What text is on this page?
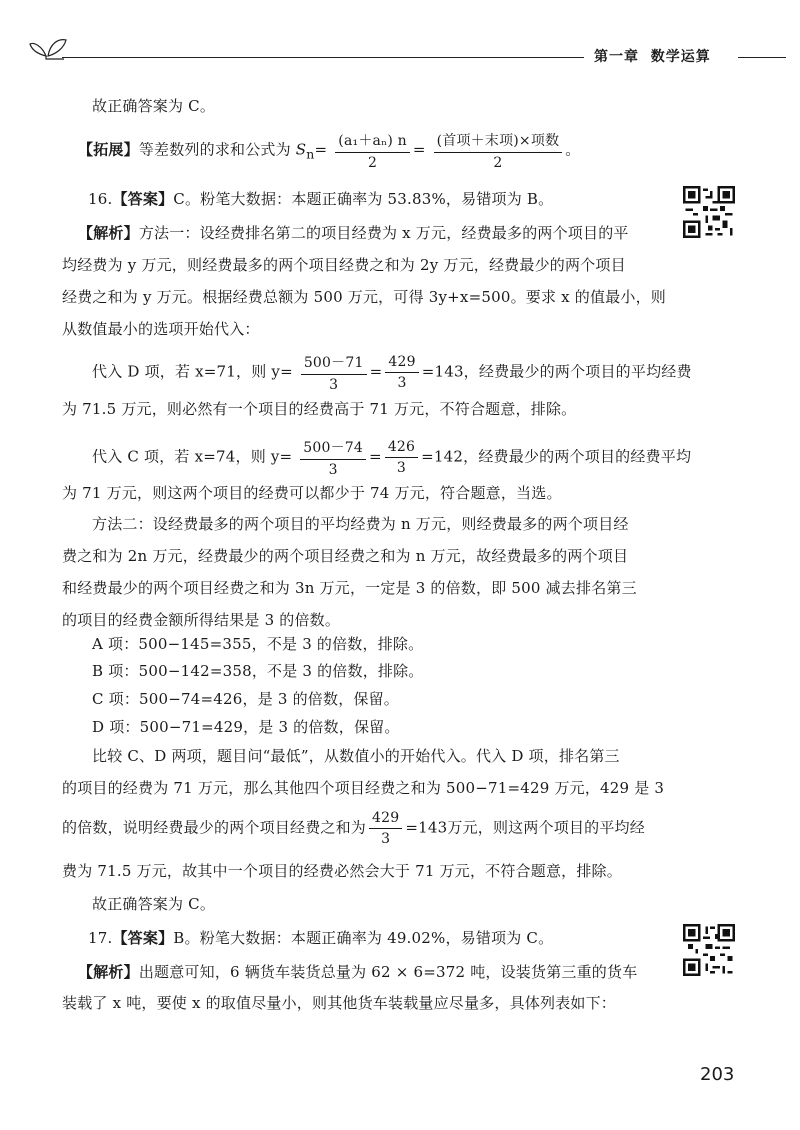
第一章 数学运算
故正确答案为 C。
【拓展】等差数列的求和公式为 $S_n= \frac{\text{(a₁＋aₙ) n}}{2} = \frac{\text{(首项＋末项)×项数}}{2}$ 。
16.【答案】C。粉笔大数据：本题正确率为 53.83%，易错项为 B。
【解析】方法一：设经费排名第二的项目经费为 x 万元，经费最多的两个项目的平
均经费为 y 万元，则经费最多的两个项目经费之和为 2y 万元，经费最少的两个项目
经费之和为 y 万元。根据经费总额为 500 万元，可得 3y+x=500。要求 x 的值最小，则
从数值最小的选项开始代入：
代入 D 项，若 x=71，则 $y= \frac{500-71}{3} = \frac{429}{3} =143$，经费最少的两个项目的平均经费
为 71.5 万元，则必然有一个项目的经费高于 71 万元，不符合题意，排除。
代入 C 项，若 x=74，则 $y= \frac{500-74}{3} = \frac{426}{3} =142$，经费最少的两个项目的经费平均
为 71 万元，则这两个项目的经费可以都少于 74 万元，符合题意，当选。
方法二：设经费最多的两个项目的平均经费为 n 万元，则经费最多的两个项目经
费之和为 2n 万元，经费最少的两个项目经费之和为 n 万元，故经费最多的两个项目
和经费最少的两个项目经费之和为 3n 万元，一定是 3 的倍数，即 500 减去排名第三
的项目的经费金额所得结果是 3 的倍数。
A 项：500−145=355，不是 3 的倍数，排除。
B 项：500−142=358，不是 3 的倍数，排除。
C 项：500−74=426，是 3 的倍数，保留。
D 项：500−71=429，是 3 的倍数，保留。
比较 C、D 两项，题目问“最低”，从数值小的开始代入。代入 D 项，排名第三
的项目的经费为 71 万元，那么其他四个项目经费之和为 500−71=429 万元，429 是 3
的倍数，说明经费最少的两个项目经费之和为 $\frac{429}{3} =143$万元，则这两个项目的平均经
费为 71.5 万元，故其中一个项目的经费必然会大于 71 万元，不符合题意，排除。
故正确答案为 C。
17.【答案】B。粉笔大数据：本题正确率为 49.02%，易错项为 C。
【解析】出题意可知，6 辆货车装货总量为 62 × 6=372 吨，设装货第三重的货车
装载了 x 吨，要使 x 的取值尽量小，则其他货车装载量应尽量多，具体列表如下：
203
